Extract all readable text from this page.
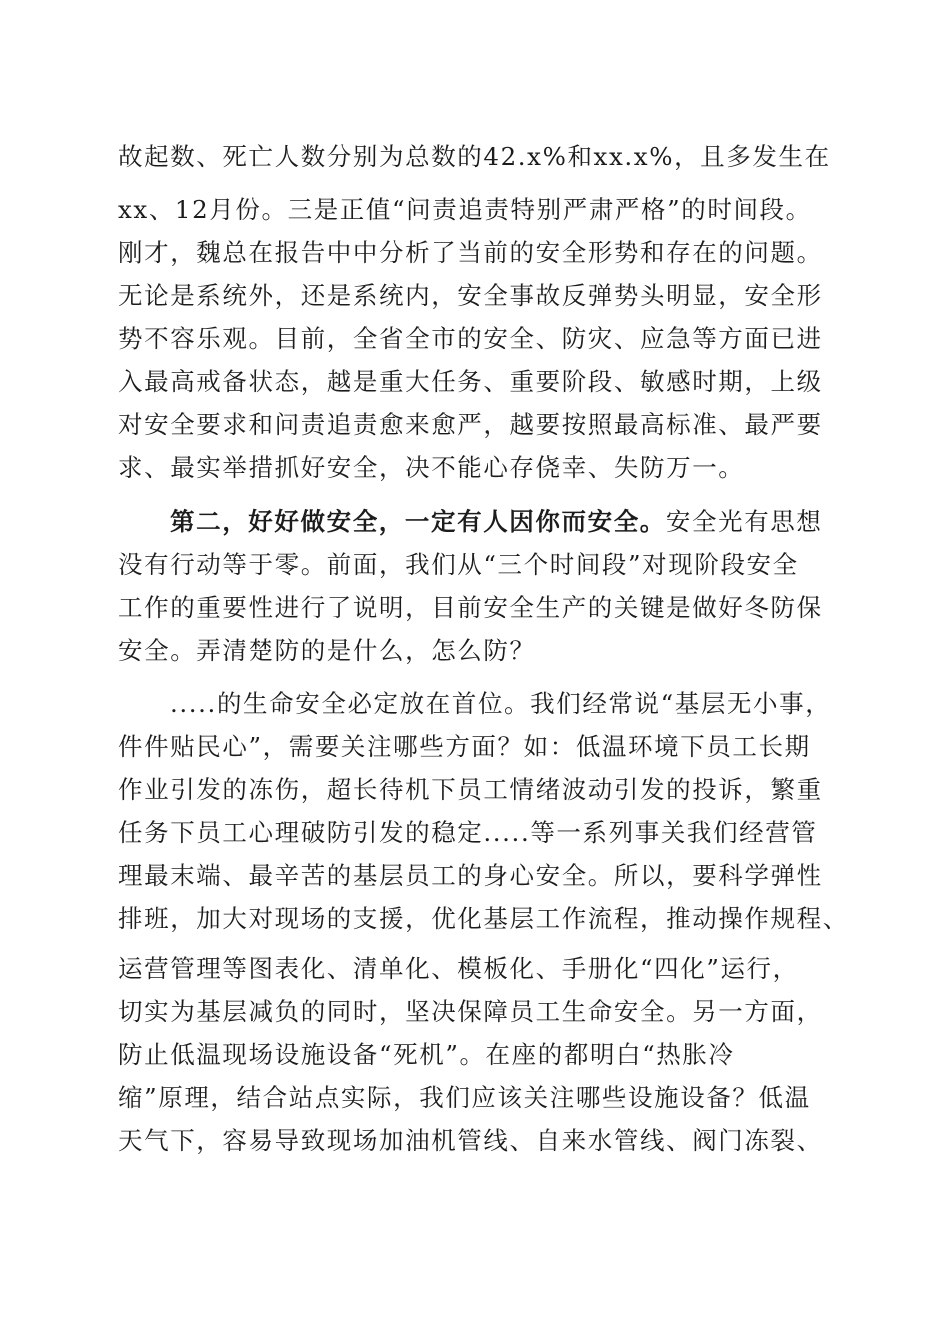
故起数、死亡人数分别为总数的42.x%和xx.x%，且多发生在
xx、12月份。三是正值“问责追责特别严肃严格”的时间段。
刚才，魏总在报告中中分析了当前的安全形势和存在的问题。
无论是系统外，还是系统内，安全事故反弹势头明显，安全形
势不容乐观。目前，全省全市的安全、防灾、应急等方面已进
入最高戒备状态，越是重大任务、重要阶段、敏感时期，上级
对安全要求和问责追责愈来愈严，越要按照最高标准、最严要
求、最实举措抓好安全，决不能心存侥幸、失防万一。
第二，好好做安全，一定有人因你而安全。安全光有思想
没有行动等于零。前面，我们从“三个时间段”对现阶段安全
工作的重要性进行了说明，目前安全生产的关键是做好冬防保
安全。弄清楚防的是什么，怎么防？
.....的生命安全必定放在首位。我们经常说“基层无小事，
件件贴民心”，需要关注哪些方面？如：低温环境下员工长期
作业引发的冻伤，超长待机下员工情绪波动引发的投诉，繁重
任务下员工心理破防引发的稳定.....等一系列事关我们经营管
理最末端、最辛苦的基层员工的身心安全。所以，要科学弹性
排班，加大对现场的支援，优化基层工作流程，推动操作规程、
运营管理等图表化、清单化、模板化、手册化“四化”运行，
切实为基层减负的同时，坚决保障员工生命安全。另一方面，
防止低温现场设施设备“死机”。在座的都明白“热胀冷
缩”原理，结合站点实际，我们应该关注哪些设施设备？低温
天气下，容易导致现场加油机管线、自来水管线、阀门冻裂、
